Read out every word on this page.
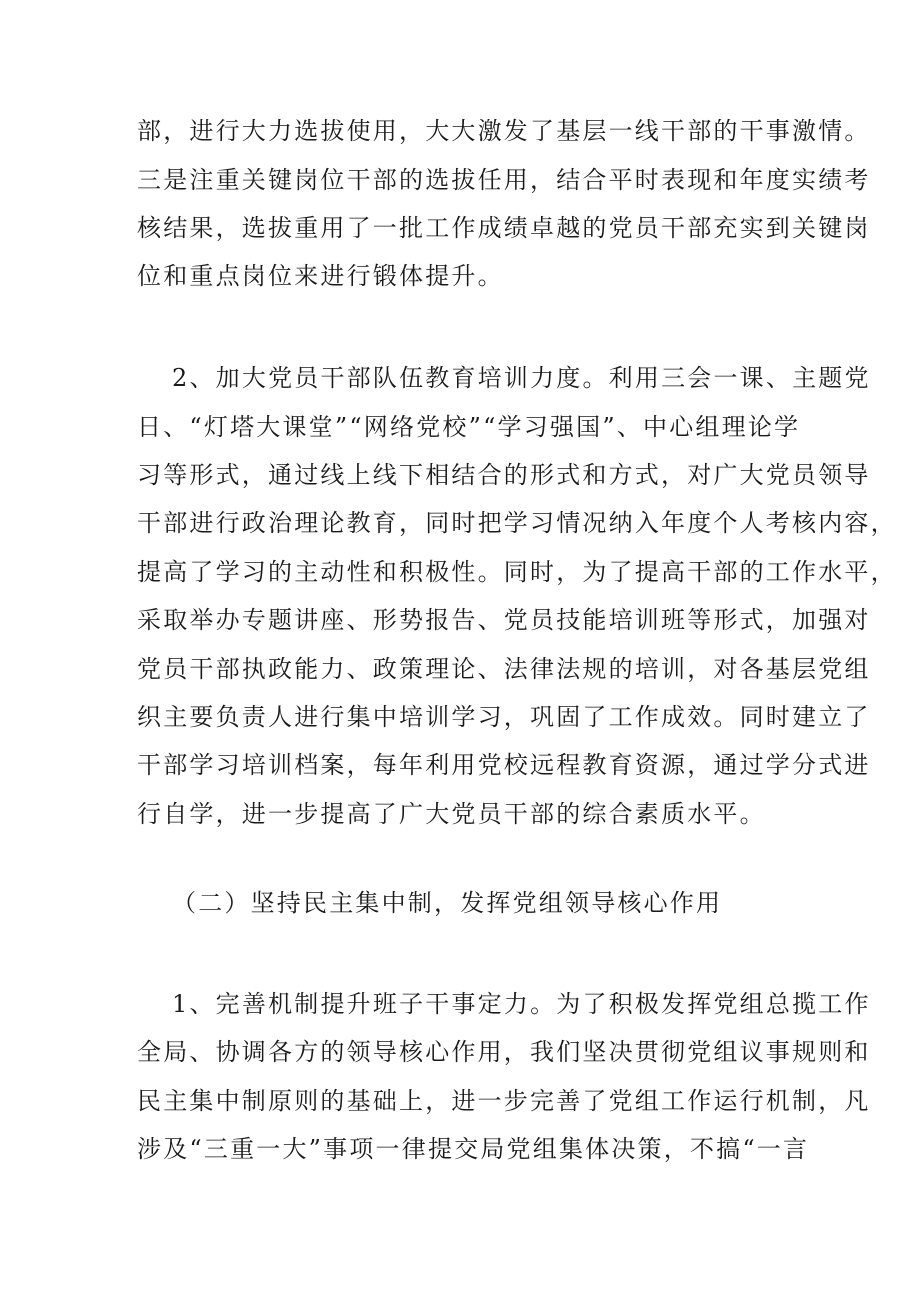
部，进行大力选拔使用，大大激发了基层一线干部的干事激情。
三是注重关键岗位干部的选拔任用，结合平时表现和年度实绩考
核结果，选拔重用了一批工作成绩卓越的党员干部充实到关键岗
位和重点岗位来进行锻体提升。
2、加大党员干部队伍教育培训力度。利用三会一课、主题党
日、“灯塔大课堂”“网络党校”“学习强国”、中心组理论学
习等形式，通过线上线下相结合的形式和方式，对广大党员领导
干部进行政治理论教育，同时把学习情况纳入年度个人考核内容，
提高了学习的主动性和积极性。同时，为了提高干部的工作水平，
采取举办专题讲座、形势报告、党员技能培训班等形式，加强对
党员干部执政能力、政策理论、法律法规的培训，对各基层党组
织主要负责人进行集中培训学习，巩固了工作成效。同时建立了
干部学习培训档案，每年利用党校远程教育资源，通过学分式进
行自学，进一步提高了广大党员干部的综合素质水平。
（二）坚持民主集中制，发挥党组领导核心作用
1、完善机制提升班子干事定力。为了积极发挥党组总揽工作
全局、协调各方的领导核心作用，我们坚决贯彻党组议事规则和
民主集中制原则的基础上，进一步完善了党组工作运行机制，凡
涉及“三重一大”事项一律提交局党组集体决策，不搞“一言
